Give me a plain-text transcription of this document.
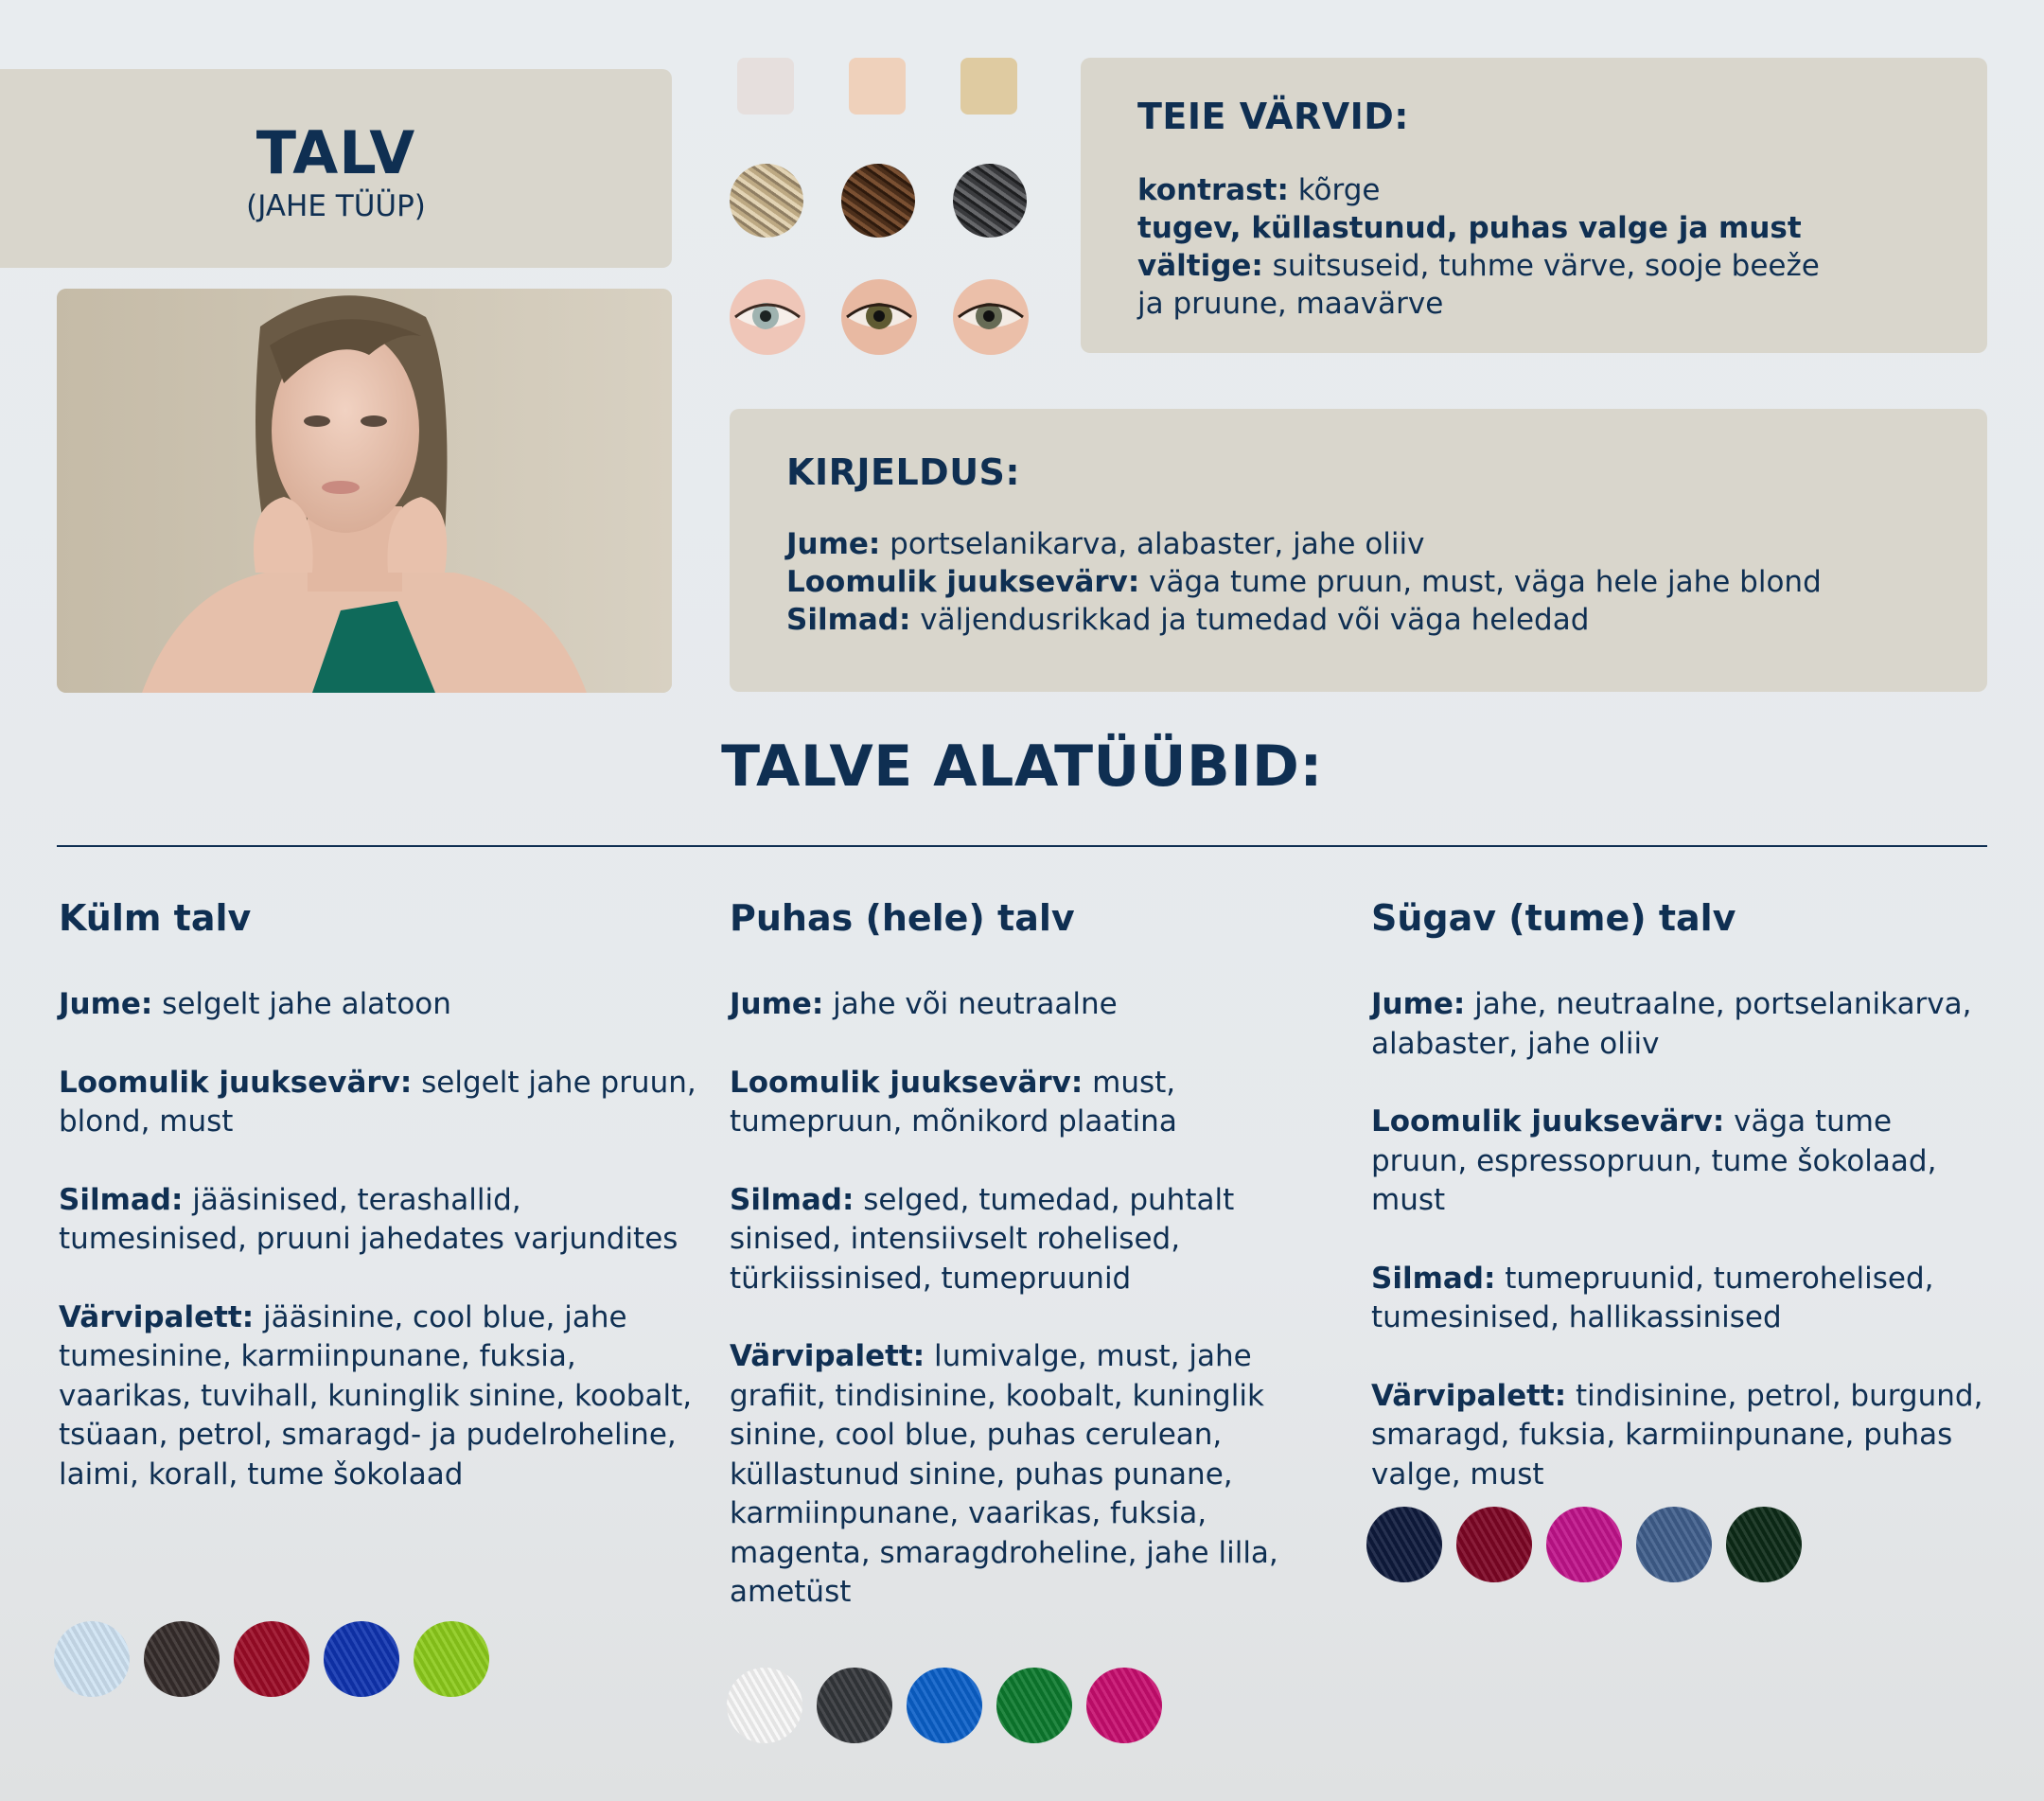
TALV
(JAHE TÜÜP)
TEIE VÄRVID:
kontrast: kõrge
tugev, küllastunud, puhas valge ja must
vältige: suitsuseid, tuhme värve, sooje beeže
ja pruune, maavärve
KIRJELDUS:
Jume: portselanikarva, alabaster, jahe oliiv
Loomulik juuksevärv: väga tume pruun, must, väga hele jahe blond
Silmad: väljendusrikkad ja tumedad või väga heledad
TALVE ALATÜÜBID:
Külm talv
Jume: selgelt jahe alatoon
Loomulik juuksevärv: selgelt jahe pruun, blond, must
Silmad: jääsinised, terashallid, tumesinised, pruuni jahedates varjundites
Värvipalett: jääsinine, cool blue, jahe tumesinine, karmiinpunane, fuksia, vaarikas, tuvihall, kuninglik sinine, koobalt, tsüaan, petrol, smaragd- ja pudelroheline, laimi, korall, tume šokolaad
Puhas (hele) talv
Jume: jahe või neutraalne
Loomulik juuksevärv: must, tumepruun, mõnikord plaatina
Silmad: selged, tumedad, puhtalt sinised, intensiivselt rohelised, türkiissinised, tumepruunid
Värvipalett: lumivalge, must, jahe grafiit, tindisinine, koobalt, kuninglik sinine, cool blue, puhas cerulean, küllastunud sinine, puhas punane, karmiinpunane, vaarikas, fuksia, magenta, smaragdroheline, jahe lilla, ametüst
Sügav (tume) talv
Jume: jahe, neutraalne, portselanikarva, alabaster, jahe oliiv
Loomulik juuksevärv: väga tume pruun, espressopruun, tume šokolaad, must
Silmad: tumepruunid, tumerohelised, tumesinised, hallikassinised
Värvipalett: tindisinine, petrol, burgund, smaragd, fuksia, karmiinpunane, puhas valge, must
